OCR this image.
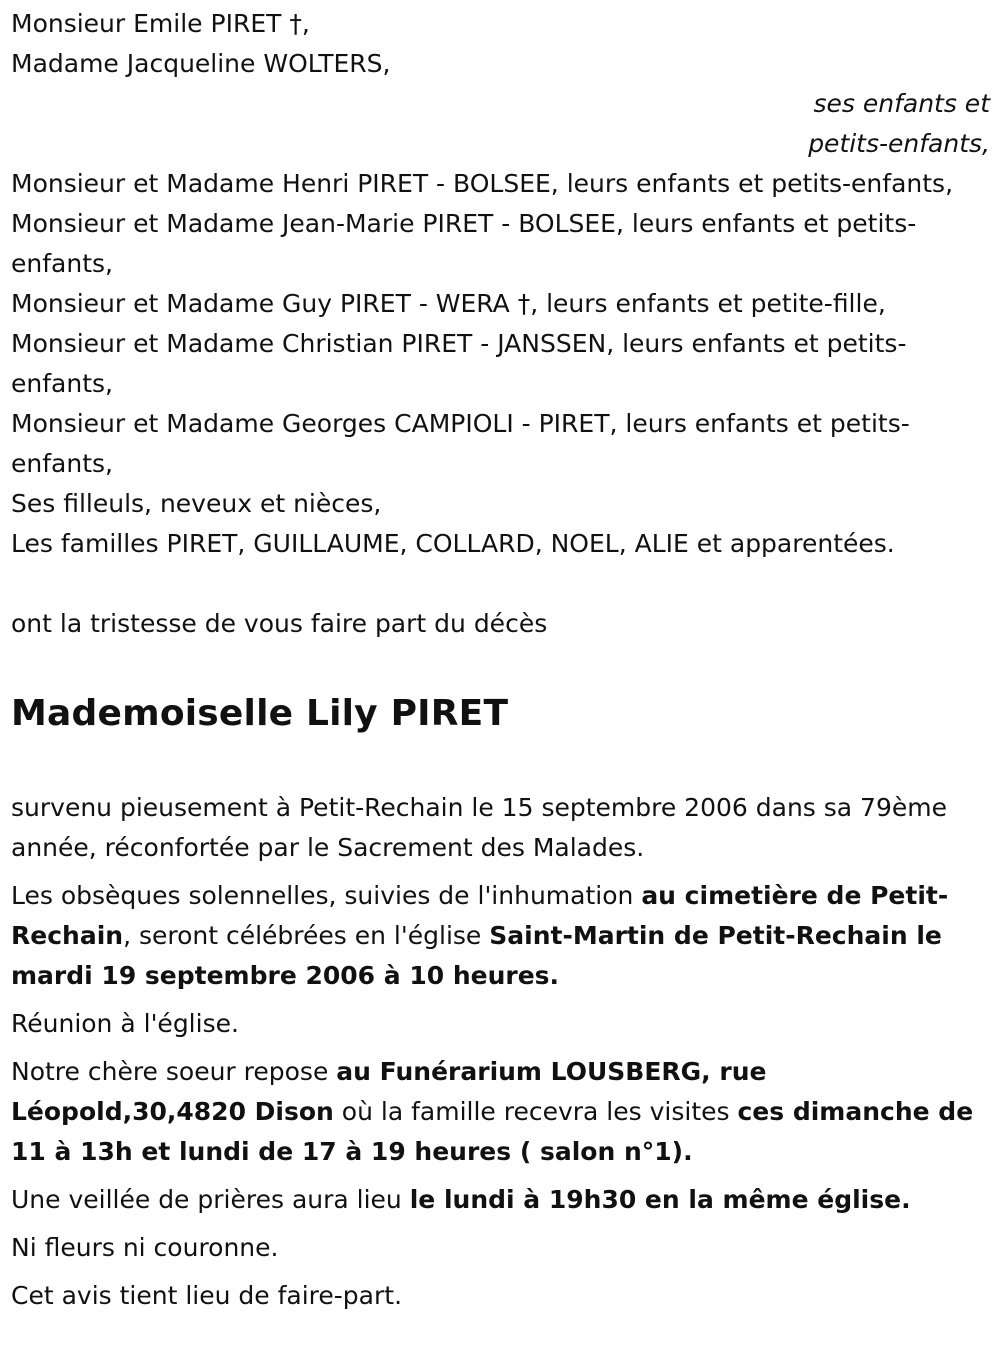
Monsieur Emile PIRET †,

Madame Jacqueline WOLTERS,

ses enfants et

petits-enfants,

Monsieur et Madame Henri PIRET - BOLSEE, leurs enfants et petits-enfants,

Monsieur et Madame Jean-Marie PIRET - BOLSEE, leurs enfants et petits-enfants,

Monsieur et Madame Guy PIRET - WERA †, leurs enfants et petite-fille,

Monsieur et Madame Christian PIRET - JANSSEN, leurs enfants et petits-enfants,

Monsieur et Madame Georges CAMPIOLI - PIRET, leurs enfants et petits-enfants,

Ses filleuls, neveux et nièces,

Les familles PIRET, GUILLAUME, COLLARD, NOEL, ALIE et apparentées.

ont la tristesse de vous faire part du décès

Mademoiselle Lily PIRET

survenu pieusement à Petit-Rechain le 15 septembre 2006 dans sa 79ème année, réconfortée par le Sacrement des Malades.

Les obsèques solennelles, suivies de l'inhumation au cimetière de Petit-Rechain, seront célébrées en l'église Saint-Martin de Petit-Rechain le mardi 19 septembre 2006 à 10 heures.

Réunion à l'église.

Notre chère soeur repose au Funérarium LOUSBERG, rue Léopold,30,4820 Dison où la famille recevra les visites ces dimanche de 11 à 13h et lundi de 17 à 19 heures ( salon n°1).

Une veillée de prières aura lieu le lundi à 19h30 en la même église.

Ni fleurs ni couronne.

Cet avis tient lieu de faire-part.
